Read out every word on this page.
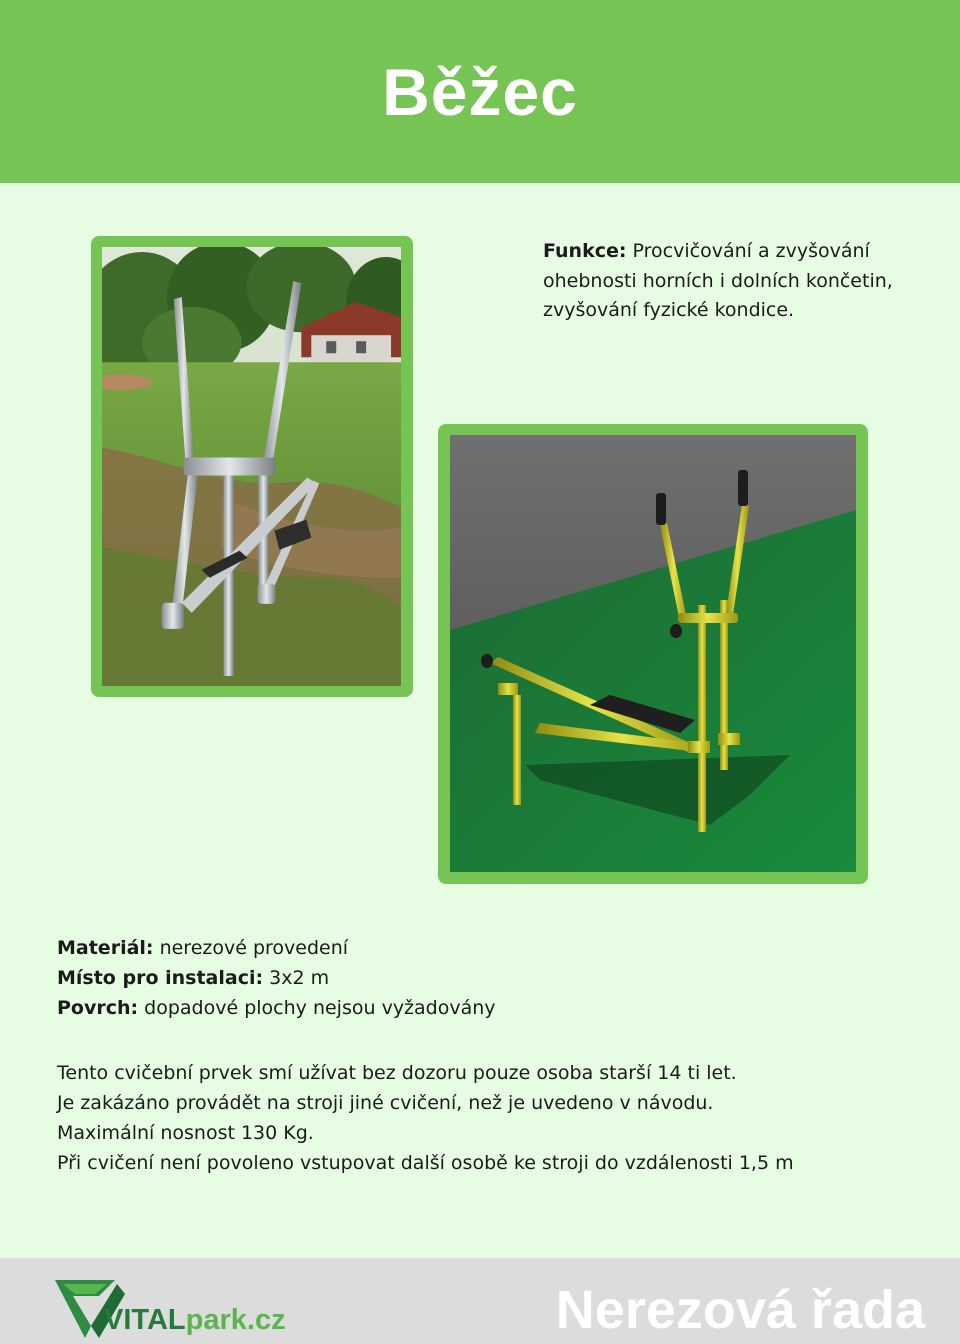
Běžec
Funkce: Procvičování a zvyšování ohebnosti horních i dolních končetin, zvyšování fyzické kondice.
Materiál: nerezové provedení
Místo pro instalaci: 3x2 m
Povrch: dopadové plochy nejsou vyžadovány
Tento cvičební prvek smí užívat bez dozoru pouze osoba starší 14 ti let.
Je zakázáno provádět na stroji jiné cvičení, než je uvedeno v návodu.
Maximální nosnost 130 Kg.
Při cvičení není povoleno vstupovat další osobě ke stroji do vzdálenosti 1,5 m
VITALpark.cz	Nerezová řada
